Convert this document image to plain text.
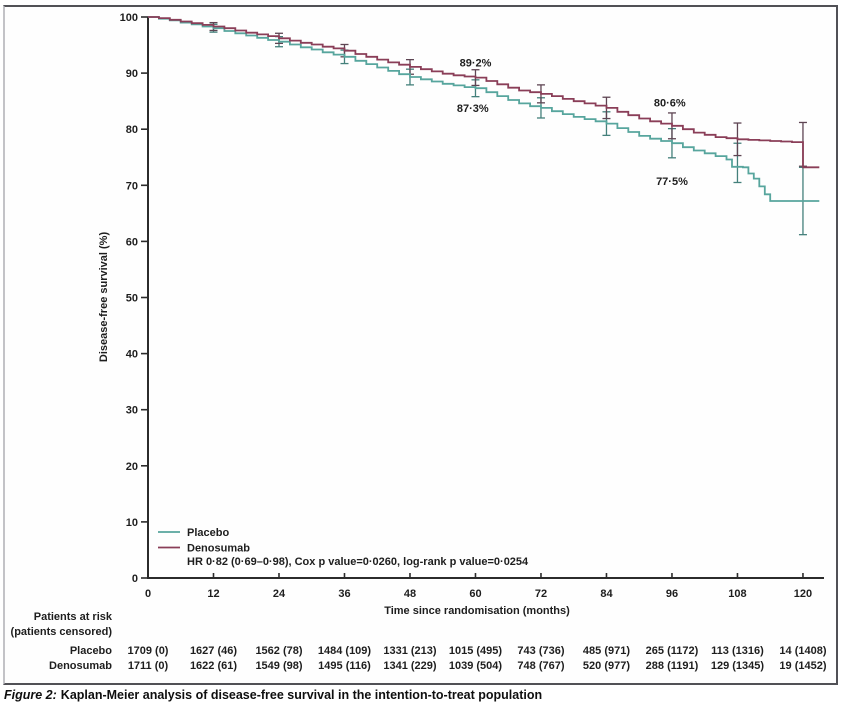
0
10
20
30
40
50
60
70
80
90
100
0	12	24	36	48	60	72	84	96	108	120
89·2%
87·3%	80·6%
77·5%
Placebo
Denosumab
Placebo 1709 (0) 1627 (46) 1562 (78) 1484 (109) 1331 (213) 1015 (495) 743 (736) 485 (971) 265 (1172) 113 (1316) 14 (1408)
Denosumab 1711 (0) 1622 (61) 1549 (98) 1495 (116) 1341 (229) 1039 (504) 748 (767) 520 (977) 288 (1191) 129 (1345) 19 (1452)
Disease-free survival (%)
Time since randomisation (months)
HR 0·82 (0·69–0·98), Cox p value=0·0260, log-rank p value=0·0254
Patients at risk
(patients censored)
Figure 2: Kaplan-Meier analysis of disease-free survival in the intention-to-treat population
